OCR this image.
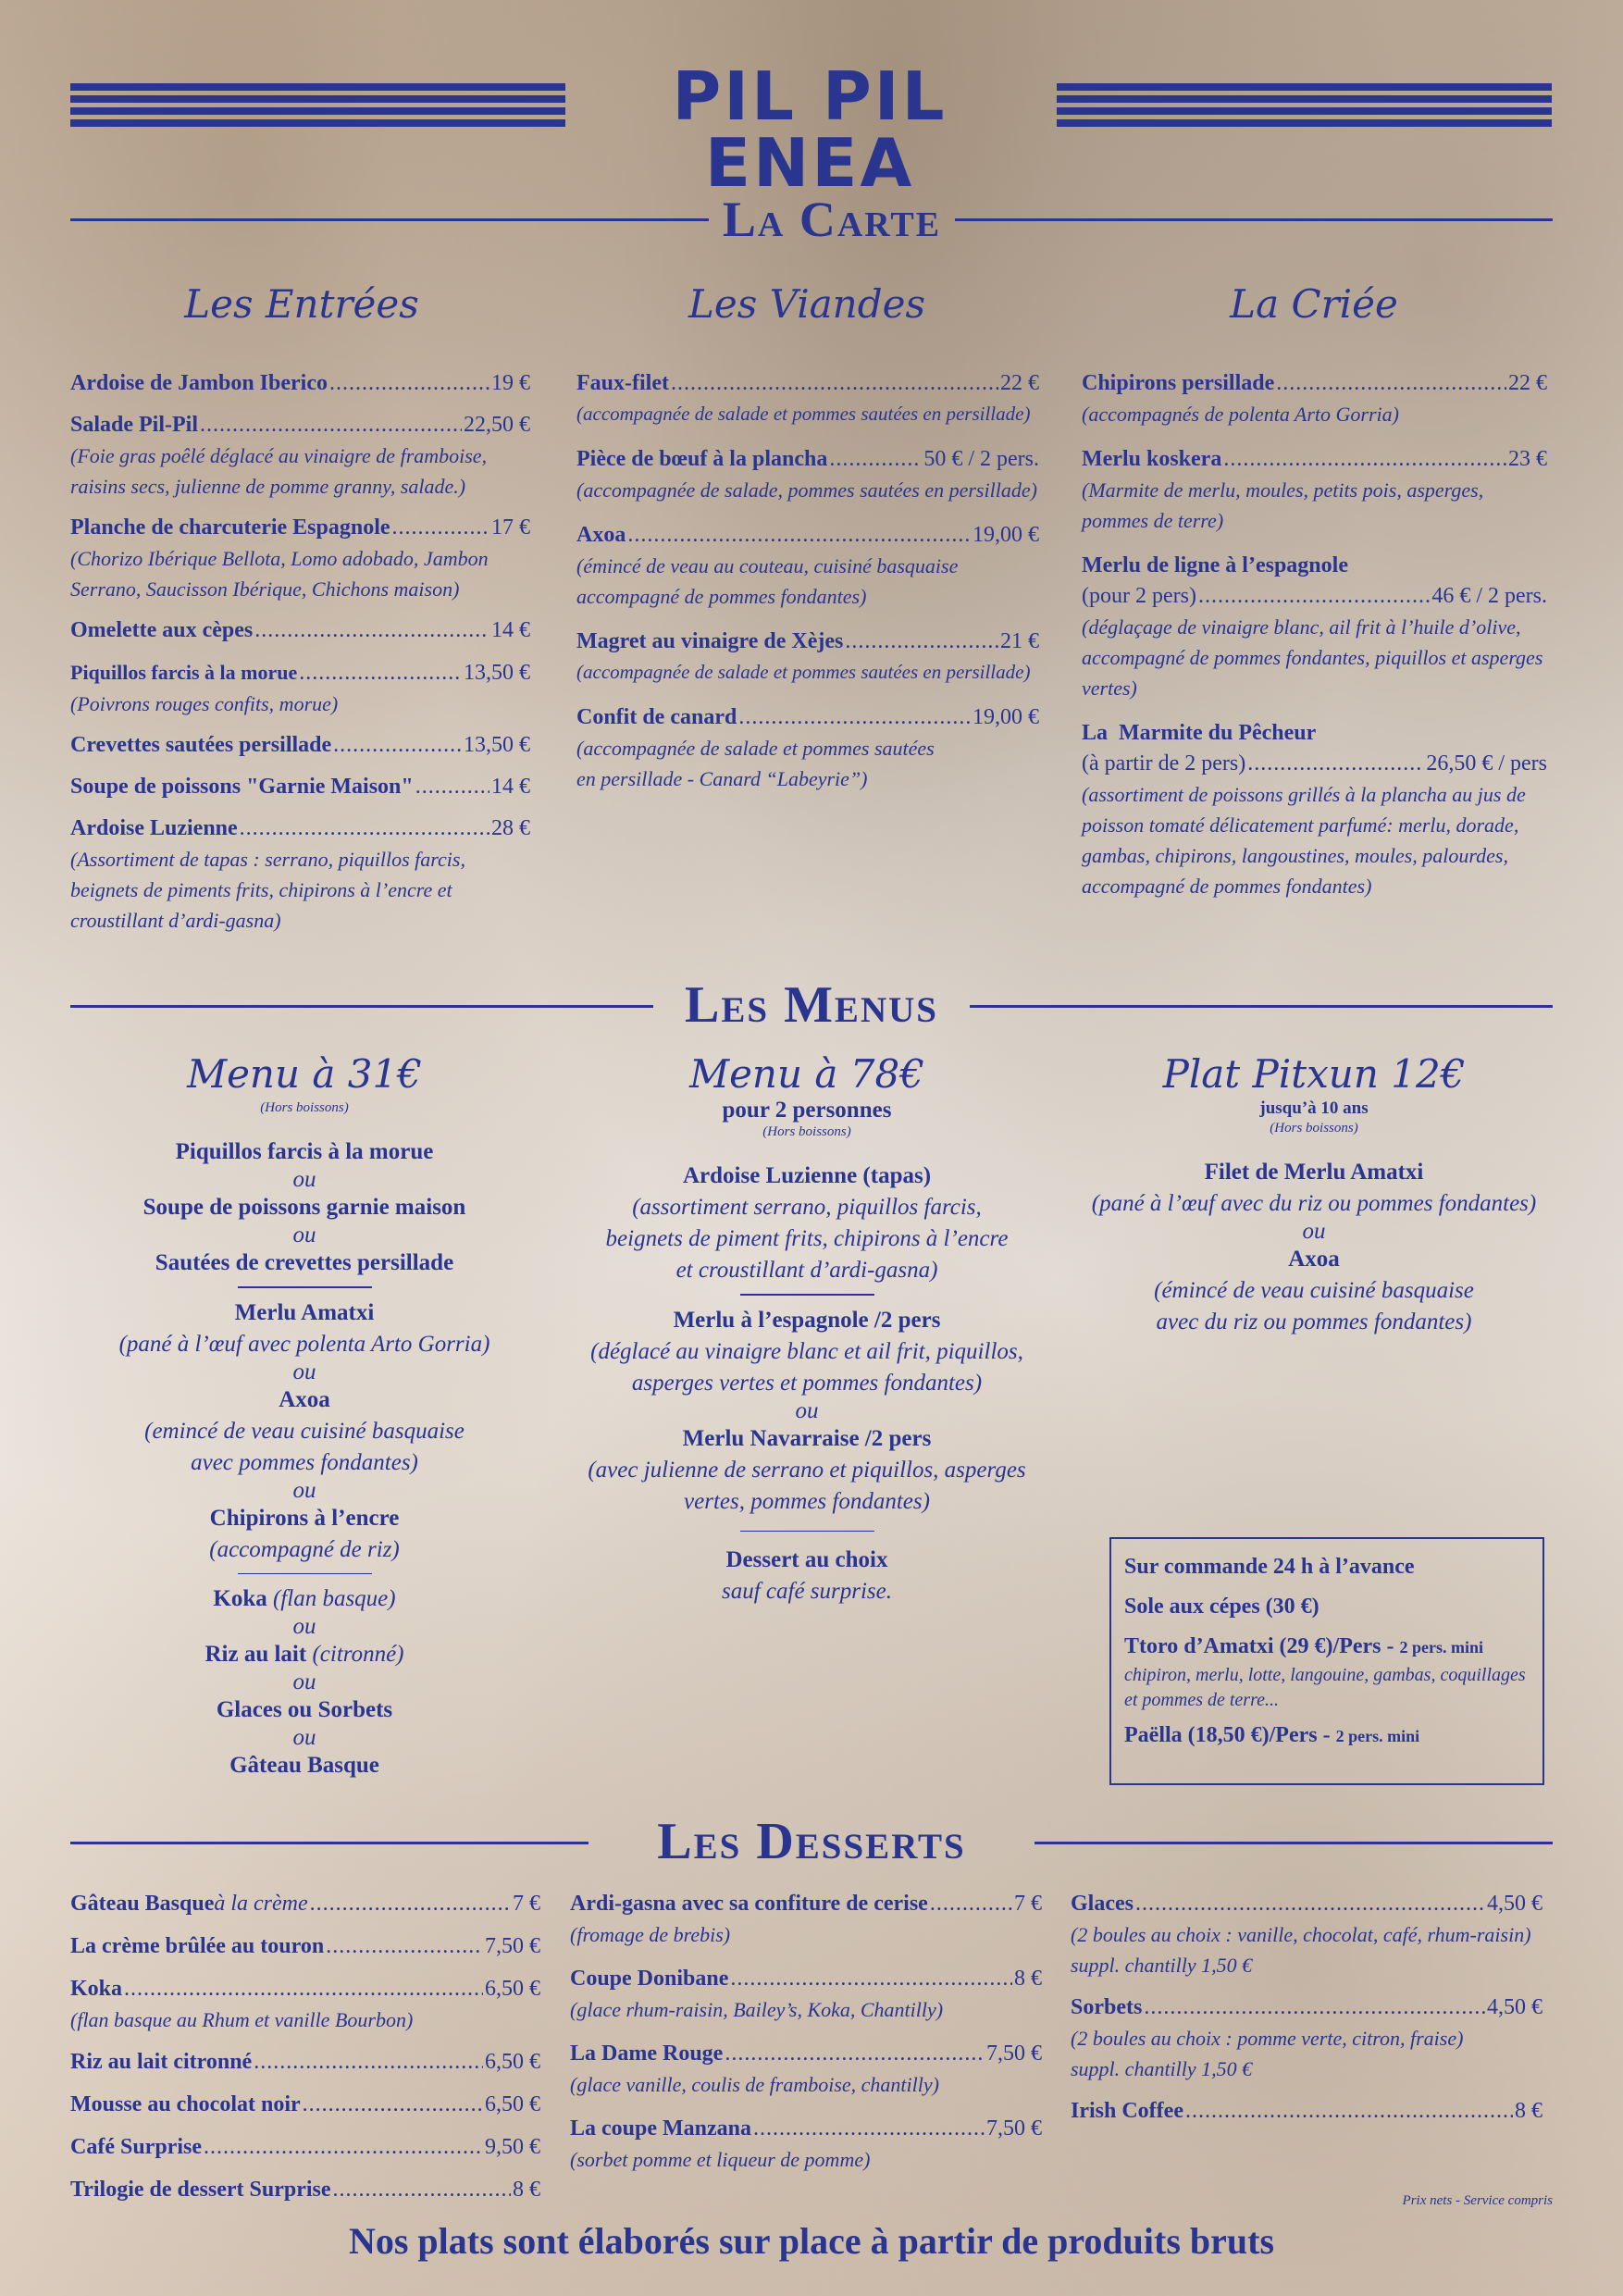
PIL PIL ENEA
La Carte
Les Entrées	Les Viandes	La Criée
Ardoise de Jambon Iberico .....	19 €
Salade Pil-Pil .....	22,50 €
(Foie gras poêlé déglacé au vinaigre de framboise, raisins secs, julienne de pomme granny, salade.)
Planche de charcuterie Espagnole .....	17 €
(Chorizo Ibérique Bellota, Lomo adobado, Jambon Serrano, Saucisson Ibérique, Chichons maison)
Omelette aux cèpes .....	14 €
Piquillos farcis à la morue .....	13,50 €
(Poivrons rouges confits, morue)
Crevettes sautées persillade .....	13,50 €
Soupe de poissons "Garnie Maison" .....	14 €
Ardoise Luzienne .....	28 €
(Assortiment de tapas : serrano, piquillos farcis, beignets de piments frits, chipirons à l’encre et croustillant d’ardi-gasna)
Faux-filet .....	22 €
(accompagnée de salade et pommes sautées en persillade)
Pièce de bœuf à la plancha .....	50 € / 2 pers.
(accompagnée de salade, pommes sautées en persillade)
Axoa .....	19,00 €
(émincé de veau au couteau, cuisiné basquaise accompagné de pommes fondantes)
Magret au vinaigre de Xèjes .....	21 €
(accompagnée de salade et pommes sautées en persillade)
Confit de canard .....	19,00 €
(accompagnée de salade et pommes sautées en persillade - Canard “Labeyrie”)
Chipirons persillade .....	22 €
(accompagnés de polenta Arto Gorria)
Merlu koskera .....	23 €
(Marmite de merlu, moules, petits pois, asperges, pommes de terre)
Merlu de ligne à l’espagnole
(pour 2 pers) .....	46 € / 2 pers.
(déglaçage de vinaigre blanc, ail frit à l’huile d’olive, accompagné de pommes fondantes, piquillos et asperges vertes)
La  Marmite du Pêcheur
(à partir de 2 pers) .....	26,50 € / pers
(assortiment de poissons grillés à la plancha au jus de poisson tomaté délicatement parfumé: merlu, dorade, gambas, chipirons, langoustines, moules, palourdes, accompagné de pommes fondantes)
Les Menus
Menu à 31€
(Hors boissons)
Piquillos farcis à la morue
ou
Soupe de poissons garnie maison
ou
Sautées de crevettes persillade
Merlu Amatxi
(pané à l’œuf avec polenta Arto Gorria)
ou
Axoa
(emincé de veau cuisiné basquaise
avec pommes fondantes)
ou
Chipirons à l’encre
(accompagné de riz)
Koka (flan basque)
ou
Riz au lait (citronné)
ou
Glaces ou Sorbets
ou
Gâteau Basque
Menu à 78€
pour 2 personnes
(Hors boissons)
Ardoise Luzienne (tapas)
(assortiment serrano, piquillos farcis,
beignets de piment frits, chipirons à l’encre
et croustillant d’ardi-gasna)
Merlu à l’espagnole /2 pers
(déglacé au vinaigre blanc et ail frit, piquillos,
asperges vertes et pommes fondantes)
ou
Merlu Navarraise /2 pers
(avec julienne de serrano et piquillos, asperges
vertes, pommes fondantes)
Dessert au choix
sauf café surprise.
Plat Pitxun 12€
jusqu’à 10 ans
(Hors boissons)
Filet de Merlu Amatxi
(pané à l’œuf avec du riz ou pommes fondantes)
ou
Axoa
(émincé de veau cuisiné basquaise
avec du riz ou pommes fondantes)
Sur commande 24 h à l’avance
Sole aux cépes (30 €)
Ttoro d’Amatxi (29 €)/Pers - 2 pers. mini
chipiron, merlu, lotte, langouine, gambas, coquillages et pommes de terre...
Paëlla (18,50 €)/Pers - 2 pers. mini
Les Desserts
Gâteau Basque à la crème .....	7 €
La crème brûlée au touron .....	7,50 €
Koka .....	6,50 €
(flan basque au Rhum et vanille Bourbon)
Riz au lait citronné .....	6,50 €
Mousse au chocolat noir .....	6,50 €
Café Surprise .....	9,50 €
Trilogie de dessert Surprise .....	8 €
Ardi-gasna avec sa confiture de cerise .....	7 €
(fromage de brebis)
Coupe Donibane .....	8 €
(glace rhum-raisin, Bailey’s, Koka, Chantilly)
La Dame Rouge .....	7,50 €
(glace vanille, coulis de framboise, chantilly)
La coupe Manzana .....	7,50 €
(sorbet pomme et liqueur de pomme)
Glaces .....	4,50 €
(2 boules au choix : vanille, chocolat, café, rhum-raisin)
suppl. chantilly 1,50 €
Sorbets .....	4,50 €
(2 boules au choix : pomme verte, citron, fraise)
suppl. chantilly 1,50 €
Irish Coffee .....	8 €
Prix nets - Service compris
Nos plats sont élaborés sur place à partir de produits bruts
